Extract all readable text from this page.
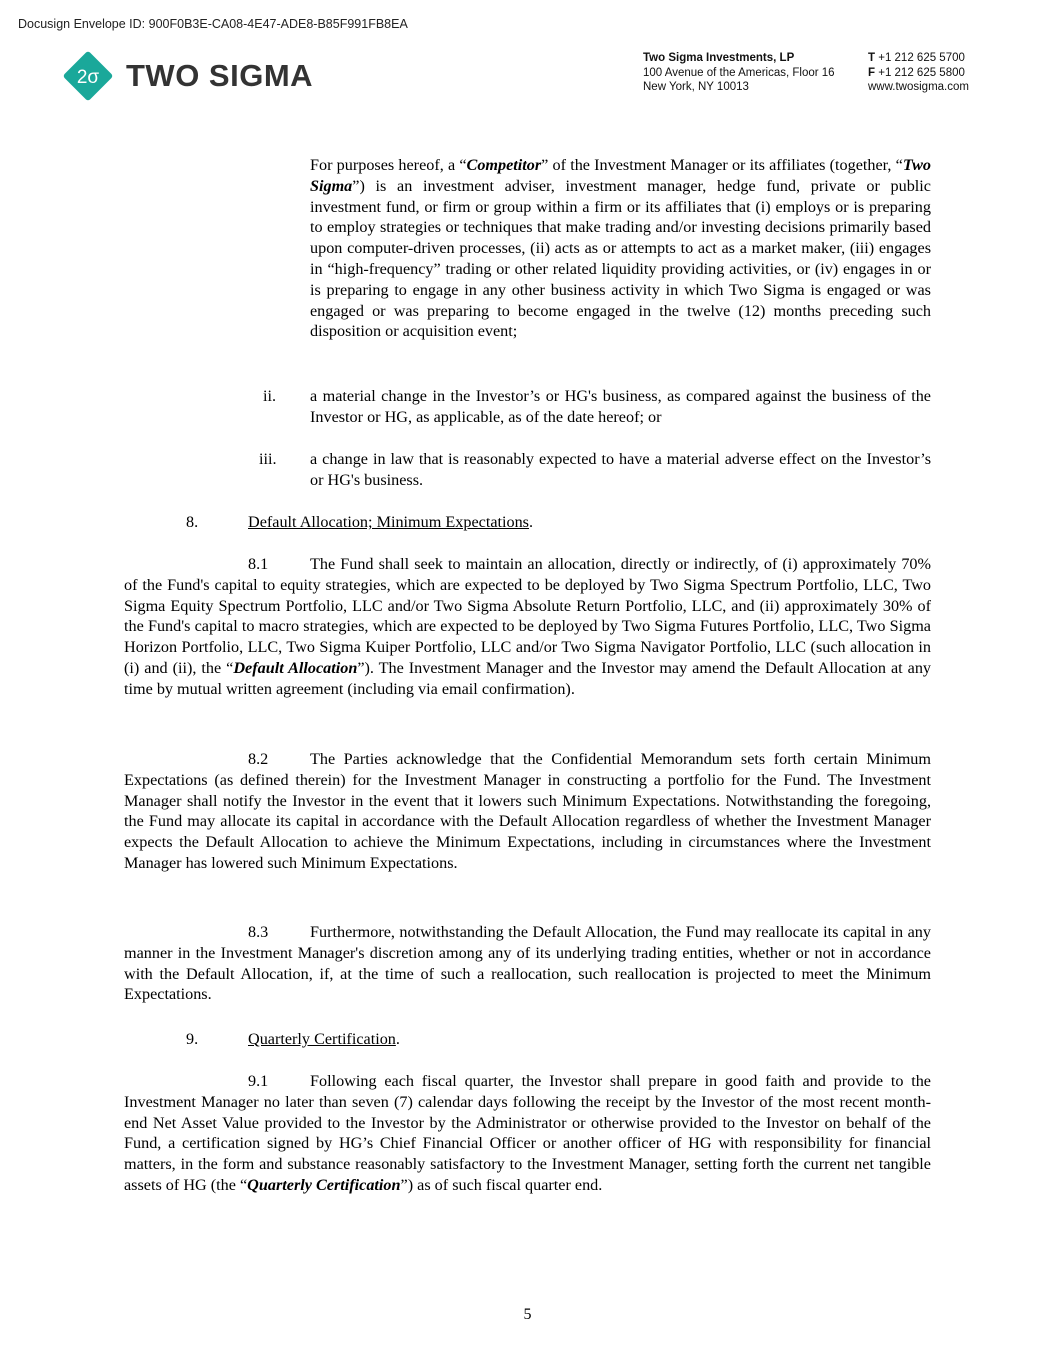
Docusign Envelope ID: 900F0B3E-CA08-4E47-ADE8-B85F991FB8EA
2σ TWO SIGMA	Two Sigma Investments, LP
100 Avenue of the Americas, Floor 16
New York, NY 10013
T +1 212 625 5700
F +1 212 625 5800
www.twosigma.com
For purposes hereof, a “Competitor” of the Investment Manager or its affiliates (together, “Two Sigma”) is an investment adviser, investment manager, hedge fund, private or public investment fund, or firm or group within a firm or its affiliates that (i) employs or is preparing to employ strategies or techniques that make trading and/or investing decisions primarily based upon computer-driven processes, (ii) acts as or attempts to act as a market maker, (iii) engages in “high-frequency” trading or other related liquidity providing activities, or (iv) engages in or is preparing to engage in any other business activity in which Two Sigma is engaged or was engaged or was preparing to become engaged in the twelve (12) months preceding such disposition or acquisition event;
ii. a material change in the Investor’s or HG's business, as compared against the business of the Investor or HG, as applicable, as of the date hereof; or
iii. a change in law that is reasonably expected to have a material adverse effect on the Investor’s or HG's business.
8.	Default Allocation; Minimum Expectations.
8.1	The Fund shall seek to maintain an allocation, directly or indirectly, of (i) approximately 70% of the Fund's capital to equity strategies, which are expected to be deployed by Two Sigma Spectrum Portfolio, LLC, Two Sigma Equity Spectrum Portfolio, LLC and/or Two Sigma Absolute Return Portfolio, LLC, and (ii) approximately 30% of the Fund's capital to macro strategies, which are expected to be deployed by Two Sigma Futures Portfolio, LLC, Two Sigma Horizon Portfolio, LLC, Two Sigma Kuiper Portfolio, LLC and/or Two Sigma Navigator Portfolio, LLC (such allocation in (i) and (ii), the “Default Allocation”). The Investment Manager and the Investor may amend the Default Allocation at any time by mutual written agreement (including via email confirmation).
8.2	The Parties acknowledge that the Confidential Memorandum sets forth certain Minimum Expectations (as defined therein) for the Investment Manager in constructing a portfolio for the Fund. The Investment Manager shall notify the Investor in the event that it lowers such Minimum Expectations. Notwithstanding the foregoing, the Fund may allocate its capital in accordance with the Default Allocation regardless of whether the Investment Manager expects the Default Allocation to achieve the Minimum Expectations, including in circumstances where the Investment Manager has lowered such Minimum Expectations.
8.3	Furthermore, notwithstanding the Default Allocation, the Fund may reallocate its capital in any manner in the Investment Manager's discretion among any of its underlying trading entities, whether or not in accordance with the Default Allocation, if, at the time of such a reallocation, such reallocation is projected to meet the Minimum Expectations.
9.	Quarterly Certification.
9.1	Following each fiscal quarter, the Investor shall prepare in good faith and provide to the Investment Manager no later than seven (7) calendar days following the receipt by the Investor of the most recent month-end Net Asset Value provided to the Investor by the Administrator or otherwise provided to the Investor on behalf of the Fund, a certification signed by HG’s Chief Financial Officer or another officer of HG with responsibility for financial matters, in the form and substance reasonably satisfactory to the Investment Manager, setting forth the current net tangible assets of HG (the “Quarterly Certification”) as of such fiscal quarter end.
5
